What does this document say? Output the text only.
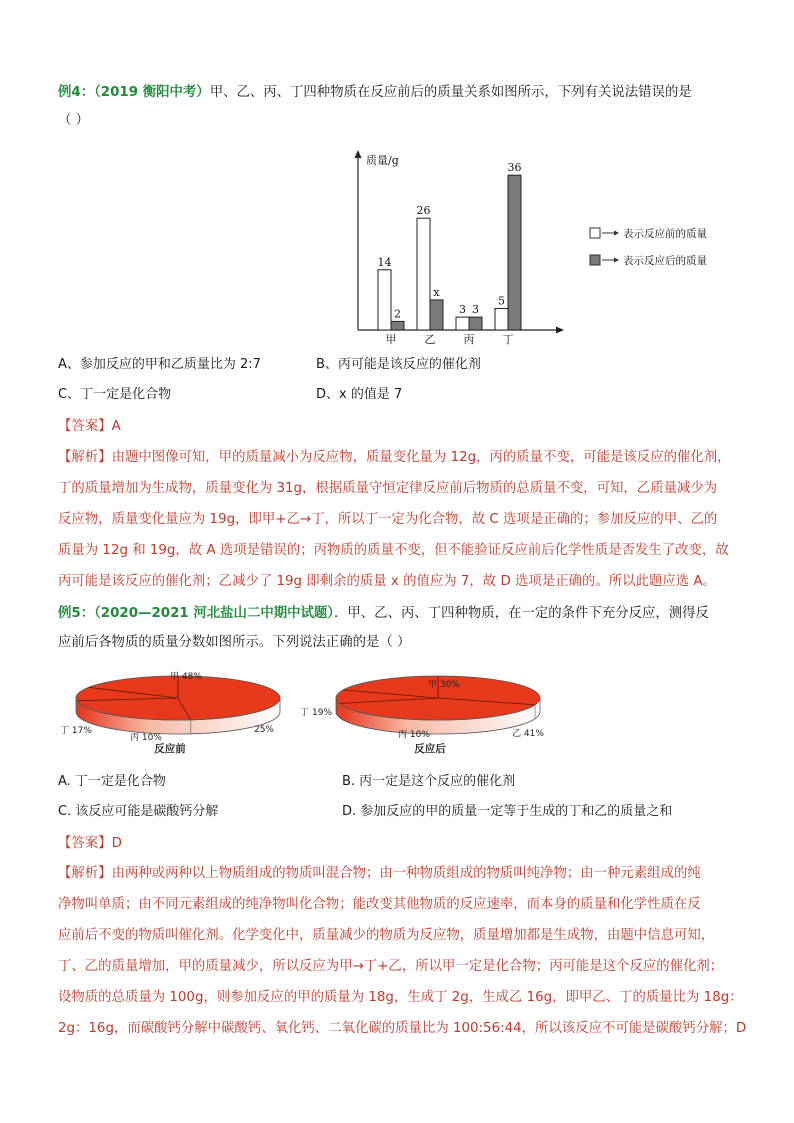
例4：（2019 衡阳中考）甲、乙、丙、丁四种物质在反应前后的质量关系如图所示，下列有关说法错误的是
（ ）
质量/g
14
2
甲
26
x
乙
3 3
丙
5
36
丁
表示反应前的质量
表示反应后的质量
A、参加反应的甲和乙质量比为 2:7	B、丙可能是该反应的催化剂
C、丁一定是化合物	D、x 的值是 7
【答案】A
【解析】由题中图像可知，甲的质量减小为反应物，质量变化量为 12g，丙的质量不变，可能是该反应的催化剂，
丁的质量增加为生成物，质量变化为 31g，根据质量守恒定律反应前后物质的总质量不变，可知，乙质量减少为
反应物，质量变化量应为 19g，即甲+乙→丁，所以丁一定为化合物，故 C 选项是正确的；参加反应的甲、乙的
质量为 12g 和 19g，故 A 选项是错误的；丙物质的质量不变，但不能验证反应前后化学性质是否发生了改变，故
丙可能是该反应的催化剂；乙减少了 19g 即剩余的质量 x 的值应为 7，故 D 选项是正确的。所以此题应选 A。
例5：（2020—2021 河北盐山二中期中试题）．甲、乙、丙、丁四种物质，在一定的条件下充分反应，测得反
应前后各物质的质量分数如图所示。下列说法正确的是（ ）
甲 48%
25%
丙 10%
丁 17%
反应前
甲 30%
乙 41%
丙 10%
丁 19%
反应后
A. 丁一定是化合物	B. 丙一定是这个反应的催化剂
C. 该反应可能是碳酸钙分解	D. 参加反应的甲的质量一定等于生成的丁和乙的质量之和
【答案】D
【解析】由两种或两种以上物质组成的物质叫混合物；由一种物质组成的物质叫纯净物；由一种元素组成的纯
净物叫单质；由不同元素组成的纯净物叫化合物；能改变其他物质的反应速率，而本身的质量和化学性质在反
应前后不变的物质叫催化剂。化学变化中，质量减少的物质为反应物，质量增加都是生成物，由题中信息可知，
丁、乙的质量增加，甲的质量减少，所以反应为甲→丁+乙，所以甲一定是化合物；丙可能是这个反应的催化剂；
设物质的总质量为 100g，则参加反应的甲的质量为 18g，生成丁 2g，生成乙 16g，即甲乙、丁的质量比为 18g：
2g：16g，而碳酸钙分解中碳酸钙、氧化钙、二氧化碳的质量比为 100:56:44，所以该反应不可能是碳酸钙分解；D
